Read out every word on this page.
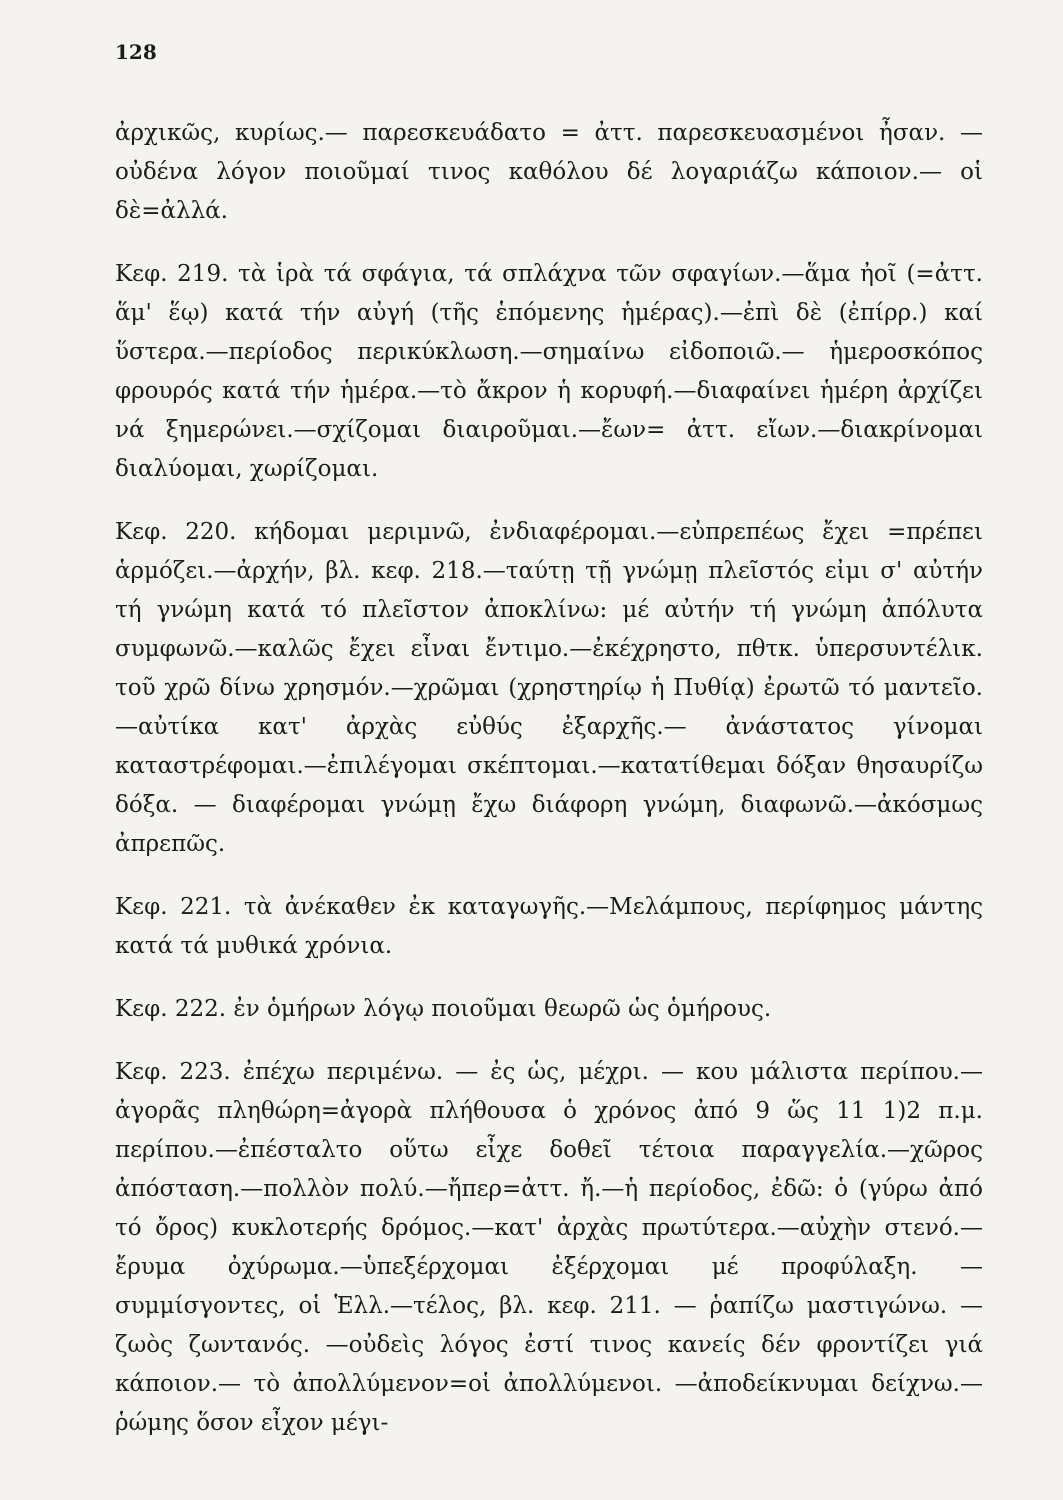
128

ἀρχικῶς, κυρίως.— παρεσκευάδατο = ἀττ. παρεσκευασμένοι ἦσαν. —οὐδένα λόγον ποιοῦμαί τινος καθόλου δέ λογαριάζω κάποιον.— οἱ δὲ=ἀλλά.

Κεφ. 219. τὰ ἱρὰ τά σφάγια, τά σπλάχνα τῶν σφαγίων.—ἅμα ἠοῖ (=ἀττ. ἅμ' ἕῳ) κατά τήν αὐγή (τῆς ἑπόμενης ἡμέρας).—ἐπὶ δὲ (ἐπίρρ.) καί ὕστερα.—περίοδος περικύκλωση.—σημαίνω εἰδοποιῶ.— ἡμεροσκόπος φρουρός κατά τήν ἡμέρα.—τὸ ἄκρον ἡ κορυφή.—διαφαίνει ἡμέρη ἀρχίζει νά ξημερώνει.—σχίζομαι διαιροῦμαι.—ἔων= ἀττ. εἴων.—διακρίνομαι διαλύομαι, χωρίζομαι.

Κεφ. 220. κήδομαι μεριμνῶ, ἐνδιαφέρομαι.—εὐπρεπέως ἔχει =πρέπει ἁρμόζει.—ἀρχήν, βλ. κεφ. 218.—ταύτῃ τῇ γνώμῃ πλεῖστός εἰμι σ' αὐτήν τή γνώμη κατά τό πλεῖστον ἀποκλίνω: μέ αὐτήν τή γνώμη ἀπόλυτα συμφωνῶ.—καλῶς ἔχει εἶναι ἔντιμο.—ἐκέχρηστο, πθτκ. ὑπερσυντέλικ. τοῦ χρῶ δίνω χρησμόν.—χρῶμαι (χρηστηρίῳ ἡ Πυθίᾳ) ἐρωτῶ τό μαντεῖο.—αὐτίκα κατ' ἀρχὰς εὐθύς ἐξαρχῆς.— ἀνάστατος γίνομαι καταστρέφομαι.—ἐπιλέγομαι σκέπτομαι.—κατατίθεμαι δόξαν θησαυρίζω δόξα. — διαφέρομαι γνώμῃ ἔχω διάφορη γνώμη, διαφωνῶ.—ἀκόσμως ἀπρεπῶς.

Κεφ. 221. τὰ ἀνέκαθεν ἐκ καταγωγῆς.—Μελάμπους, περίφημος μάντης κατά τά μυθικά χρόνια.

Κεφ. 222. ἐν ὁμήρων λόγῳ ποιοῦμαι θεωρῶ ὡς ὁμήρους.

Κεφ. 223. ἐπέχω περιμένω. — ἐς ὡς, μέχρι. — κου μάλιστα περίπου.—ἀγορᾶς πληθώρη=ἀγορὰ πλήθουσα ὁ χρόνος ἀπό 9 ὥς 11 1)2 π.μ. περίπου.—ἐπέσταλτο οὕτω εἶχε δοθεῖ τέτοια παραγγελία.—χῶρος ἀπόσταση.—πολλὸν πολύ.—ἤπερ=ἀττ. ἤ.—ἡ περίοδος, ἐδῶ: ὁ (γύρω ἀπό τό ὄρος) κυκλοτερής δρόμος.—κατ' ἀρχὰς πρωτύτερα.—αὐχὴν στενό.—ἔρυμα ὀχύρωμα.—ὑπεξέρχομαι ἐξέρχομαι μέ προφύλαξη. — συμμίσγοντες, οἱ Ἑλλ.—τέλος, βλ. κεφ. 211. — ῥαπίζω μαστιγώνω. —ζωὸς ζωντανός. —οὐδεὶς λόγος ἐστί τινος κανείς δέν φροντίζει γιά κάποιον.— τὸ ἀπολλύμενον=οἱ ἀπολλύμενοι. —ἀποδείκνυμαι δείχνω.—ῥώμης ὅσον εἶχον μέγι-
